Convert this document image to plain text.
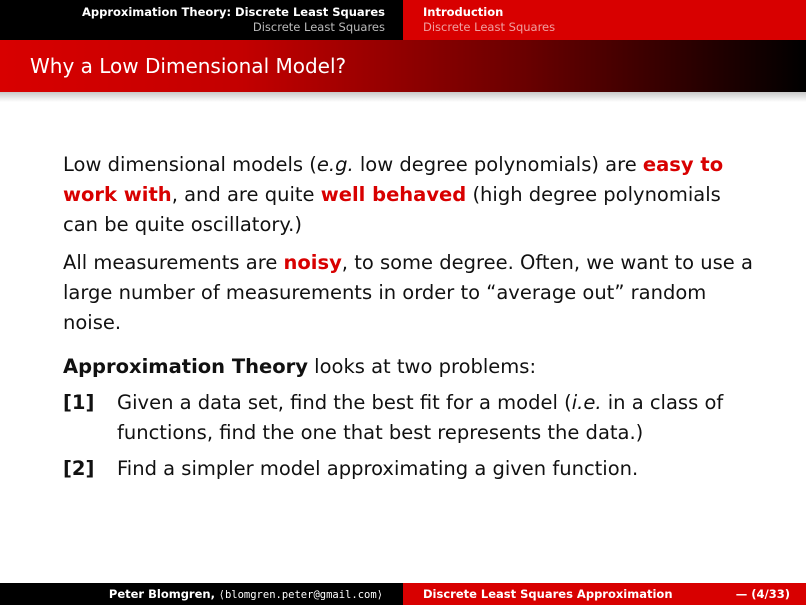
Approximation Theory: Discrete Least Squares
Discrete Least Squares
Introduction
Discrete Least Squares
Why a Low Dimensional Model?

Low dimensional models (e.g. low degree polynomials) are easy to work with, and are quite well behaved (high degree polynomials can be quite oscillatory.)

All measurements are noisy, to some degree. Often, we want to use a large number of measurements in order to “average out” random noise.

Approximation Theory looks at two problems:

[1]	Given a data set, find the best fit for a model (i.e. in a class of functions, find the one that best represents the data.)
[2]	Find a simpler model approximating a given function.
Peter Blomgren, ⟨blomgren.peter@gmail.com⟩	Discrete Least Squares Approximation	— (4/33)
